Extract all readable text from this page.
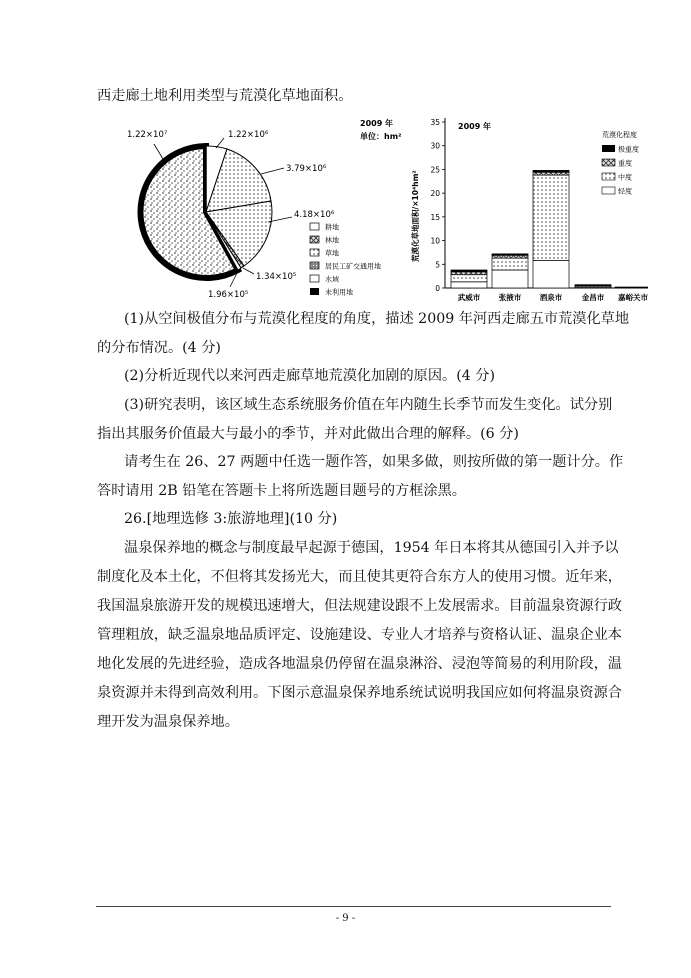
西走廊土地利用类型与荒漠化草地面积。
1.22×10⁷	1.22×10⁶
3.79×10⁶
4.18×10⁶
1.34×10⁵
1.96×10⁵
耕地
林地
草地
居民工矿交通用地
水域
未利用地
2009 年
单位：hm²
2009 年
荒漠化草地面积/×10⁴hm²
0
5
10
15
20
25
30
35
武威市 张掖市 酒泉市	金昌市 嘉峪关市
荒漠化程度
极重度
重度
中度
轻度
(1)从空间极值分布与荒漠化程度的角度，描述 2009 年河西走廊五市荒漠化草地
的分布情况。(4 分)
(2)分析近现代以来河西走廊草地荒漠化加剧的原因。(4 分)
(3)研究表明，该区域生态系统服务价值在年内随生长季节而发生变化。试分别
指出其服务价值最大与最小的季节，并对此做出合理的解释。(6 分)
请考生在 26、27 两题中任选一题作答，如果多做，则按所做的第一题计分。作
答时请用 2B 铅笔在答题卡上将所选题目题号的方框涂黑。
26.[地理选修 3:旅游地理](10 分)
温泉保养地的概念与制度最早起源于德国，1954 年日本将其从德国引入并予以
制度化及本土化，不但将其发扬光大，而且使其更符合东方人的使用习惯。近年来，
我国温泉旅游开发的规模迅速增大，但法规建设跟不上发展需求。目前温泉资源行政
管理粗放，缺乏温泉地品质评定、设施建设、专业人才培养与资格认证、温泉企业本
地化发展的先进经验，造成各地温泉仍停留在温泉淋浴、浸泡等简易的利用阶段，温
泉资源并未得到高效利用。下图示意温泉保养地系统试说明我国应如何将温泉资源合
理开发为温泉保养地。
- 9 -
